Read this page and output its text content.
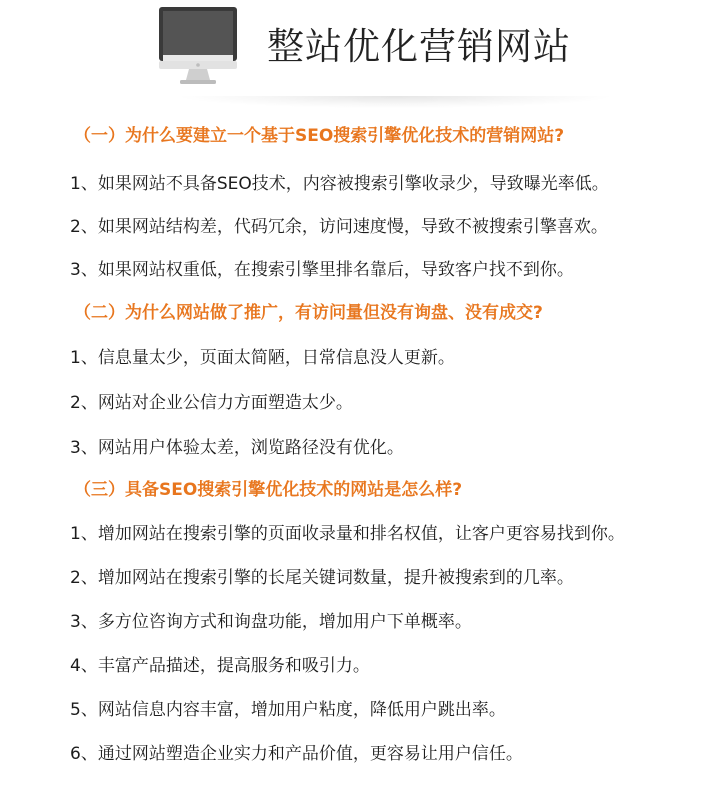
整站优化营销网站
（一）为什么要建立一个基于SEO搜索引擎优化技术的营销网站?
1、如果网站不具备SEO技术，内容被搜索引擎收录少，导致曝光率低。
2、如果网站结构差，代码冗余，访问速度慢，导致不被搜索引擎喜欢。
3、如果网站权重低，在搜索引擎里排名靠后，导致客户找不到你。
（二）为什么网站做了推广，有访问量但没有询盘、没有成交?
1、信息量太少，页面太简陋，日常信息没人更新。
2、网站对企业公信力方面塑造太少。
3、网站用户体验太差，浏览路径没有优化。
（三）具备SEO搜索引擎优化技术的网站是怎么样?
1、增加网站在搜索引擎的页面收录量和排名权值，让客户更容易找到你。
2、增加网站在搜索引擎的长尾关键词数量，提升被搜索到的几率。
3、多方位咨询方式和询盘功能，增加用户下单概率。
4、丰富产品描述，提高服务和吸引力。
5、网站信息内容丰富，增加用户粘度，降低用户跳出率。
6、通过网站塑造企业实力和产品价值，更容易让用户信任。
